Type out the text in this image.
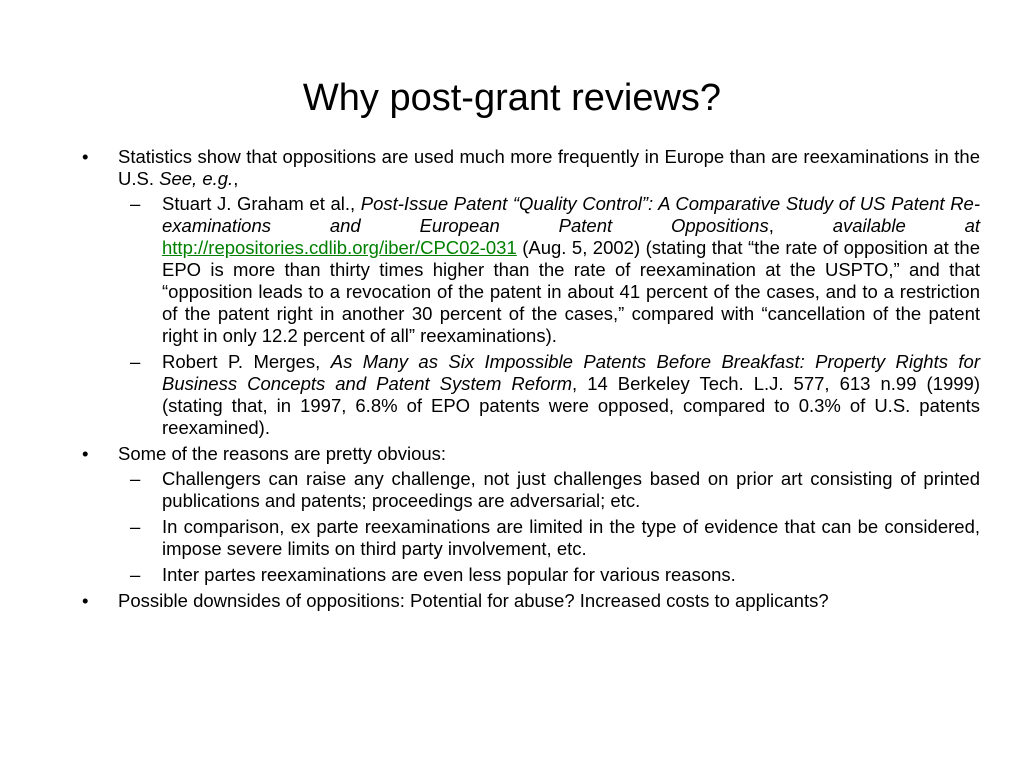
Why post-grant reviews?
• Statistics show that oppositions are used much more frequently in Europe than are reexaminations in the U.S. See, e.g.,
– Stuart J. Graham et al., Post-Issue Patent “Quality Control”: A Comparative Study of US Patent Re-examinations and European Patent Oppositions, available at http://repositories.cdlib.org/iber/CPC02-031 (Aug. 5, 2002) (stating that “the rate of opposition at the EPO is more than thirty times higher than the rate of reexamination at the USPTO,” and that “opposition leads to a revocation of the patent in about 41 percent of the cases, and to a restriction of the patent right in another 30 percent of the cases,” compared with “cancellation of the patent right in only 12.2 percent of all” reexaminations).
– Robert P. Merges, As Many as Six Impossible Patents Before Breakfast: Property Rights for Business Concepts and Patent System Reform, 14 Berkeley Tech. L.J. 577, 613 n.99 (1999) (stating that, in 1997, 6.8% of EPO patents were opposed, compared to 0.3% of U.S. patents reexamined).
• Some of the reasons are pretty obvious:
– Challengers can raise any challenge, not just challenges based on prior art consisting of printed publications and patents; proceedings are adversarial; etc.
– In comparison, ex parte reexaminations are limited in the type of evidence that can be considered, impose severe limits on third party involvement, etc.
– Inter partes reexaminations are even less popular for various reasons.
• Possible downsides of oppositions: Potential for abuse? Increased costs to applicants?
